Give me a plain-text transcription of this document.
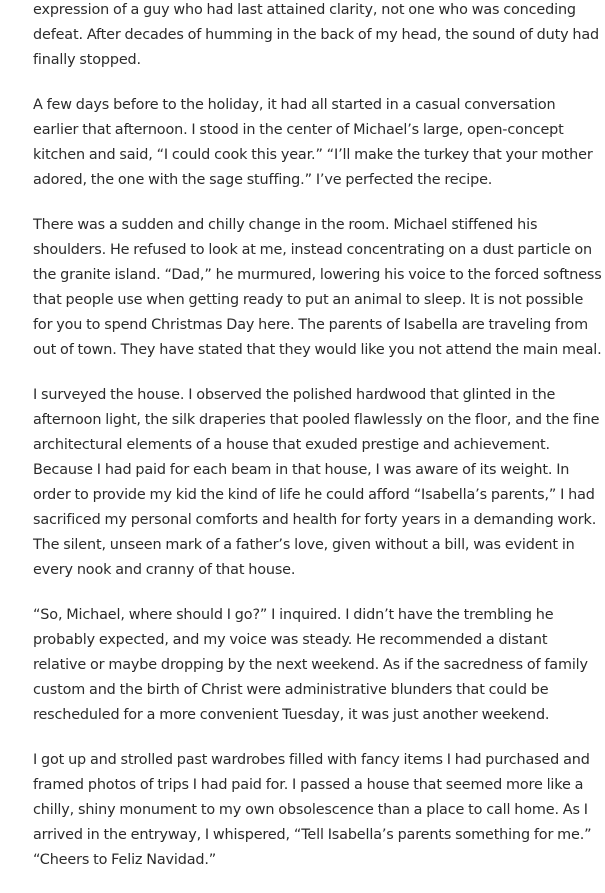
expression of a guy who had last attained clarity, not one who was conceding
defeat. After decades of humming in the back of my head, the sound of duty had
finally stopped.

A few days before to the holiday, it had all started in a casual conversation
earlier that afternoon. I stood in the center of Michael’s large, open-concept
kitchen and said, “I could cook this year.” “I’ll make the turkey that your mother
adored, the one with the sage stuffing.” I’ve perfected the recipe.

There was a sudden and chilly change in the room. Michael stiffened his
shoulders. He refused to look at me, instead concentrating on a dust particle on
the granite island. “Dad,” he murmured, lowering his voice to the forced softness
that people use when getting ready to put an animal to sleep. It is not possible
for you to spend Christmas Day here. The parents of Isabella are traveling from
out of town. They have stated that they would like you not attend the main meal.

I surveyed the house. I observed the polished hardwood that glinted in the
afternoon light, the silk draperies that pooled flawlessly on the floor, and the fine
architectural elements of a house that exuded prestige and achievement.
Because I had paid for each beam in that house, I was aware of its weight. In
order to provide my kid the kind of life he could afford “Isabella’s parents,” I had
sacrificed my personal comforts and health for forty years in a demanding work.
The silent, unseen mark of a father’s love, given without a bill, was evident in
every nook and cranny of that house.

“So, Michael, where should I go?” I inquired. I didn’t have the trembling he
probably expected, and my voice was steady. He recommended a distant
relative or maybe dropping by the next weekend. As if the sacredness of family
custom and the birth of Christ were administrative blunders that could be
rescheduled for a more convenient Tuesday, it was just another weekend.

I got up and strolled past wardrobes filled with fancy items I had purchased and
framed photos of trips I had paid for. I passed a house that seemed more like a
chilly, shiny monument to my own obsolescence than a place to call home. As I
arrived in the entryway, I whispered, “Tell Isabella’s parents something for me.”
“Cheers to Feliz Navidad.”
